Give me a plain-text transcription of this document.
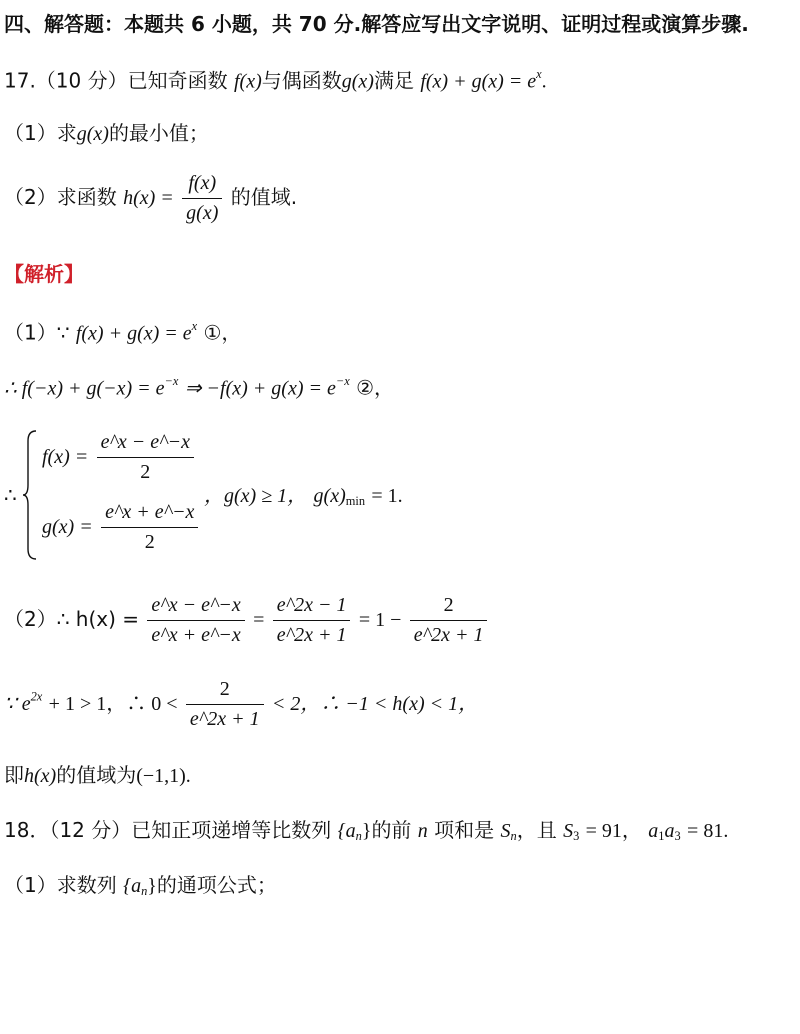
四、解答题：本题共 6 小题，共 70 分.解答应写出文字说明、证明过程或演算步骤.
17.（10 分）已知奇函数 f(x)与偶函数g(x)满足 $f(x) + g(x) = e^x$.
（1）求g(x)的最小值；
（2）求函数 $h(x) = \frac{f(x)}{g(x)}$ 的值域.
【解析】
（1）∵ $f(x) + g(x) = e^x$ ①，
∴ $f(-x) + g(-x) = e^{-x}$ ⇒ $-f(x) + g(x) = e^{-x}$ ②，
∴
$f(x) = \frac{e\^{}x - e\^{}-x}{2}$
$g(x) = \frac{e\^{}x + e\^{}-x}{2}$
，g(x) ≥ 1， $g(x)_{min} = 1$.
（2）∴ $h(x) = \frac{e\^{}x - e\^{}-x}{e\^{}x + e\^{}-x} = \frac{e\^{}2x - 1}{e\^{}2x + 1} = 1 - \frac{2}{e\^{}2x + 1}$
∵ $e^{2x} + 1 > 1$，∴ $0 < \frac{2}{e\^{}2x + 1} < 2$，∴ −1 < h(x) < 1，
即h(x)的值域为(−1,1).
18．（12 分）已知正项递增等比数列 $\{a_n\}$的前 n 项和是 $S_n$，且 $S_3 = 91$， $a_1a_3 = 81$.
（1）求数列 $\{a_n\}$的通项公式；
